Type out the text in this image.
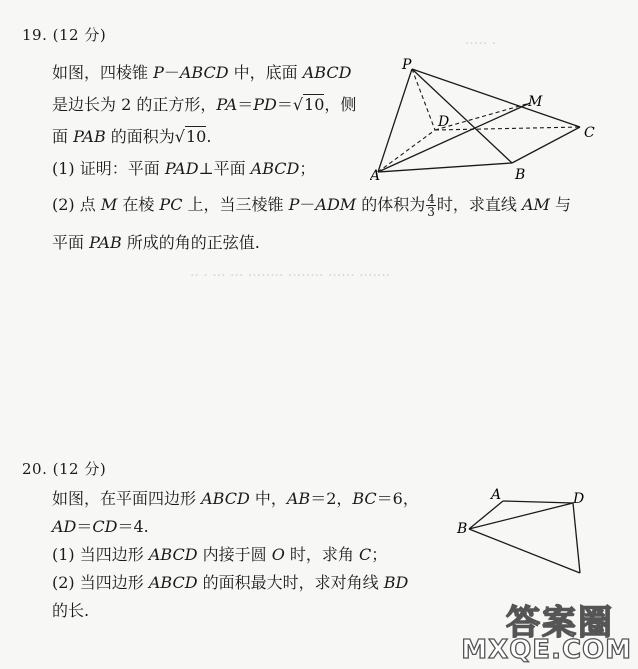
····· ·
·· · ··· ··· ········ ········ ······ ·······
19. (12 分)
如图，四棱锥 P－ABCD 中，底面 ABCD
是边长为 2 的正方形，PA＝PD＝√10，侧
面 PAB 的面积为√10.
(1) 证明：平面 PAD⊥平面 ABCD；
(2) 点 M 在棱 PC 上，当三棱锥 P－ADM 的体积为 $\frac{4}{3}$ 时，求直线 AM 与
平面 PAB 所成的角的正弦值.
P
M
D
C
A	B
20. (12 分)
如图，在平面四边形 ABCD 中，AB＝2，BC＝6，
AD＝CD＝4.
(1) 当四边形 ABCD 内接于圆 O 时，求角 C；
(2) 当四边形 ABCD 的面积最大时，求对角线 BD
的长.
A	D
B
答案圈
MXQE.COM
